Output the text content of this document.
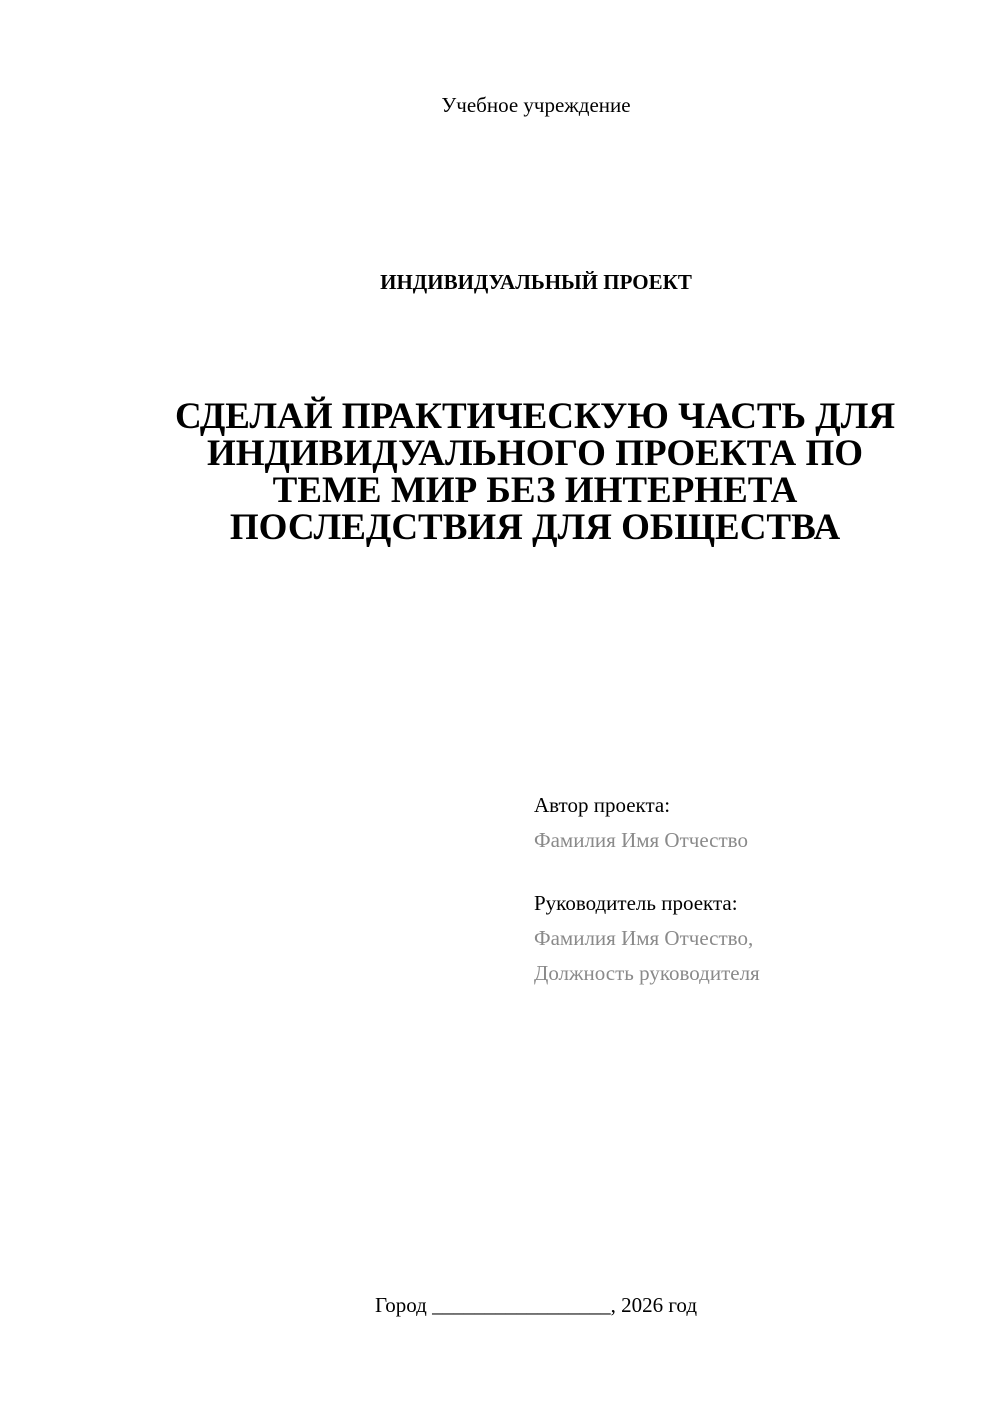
Учебное учреждение
ИНДИВИДУАЛЬНЫЙ ПРОЕКТ
СДЕЛАЙ ПРАКТИЧЕСКУЮ ЧАСТЬ ДЛЯ
ИНДИВИДУАЛЬНОГО ПРОЕКТА ПО
ТЕМЕ МИР БЕЗ ИНТЕРНЕТА
ПОСЛЕДСТВИЯ ДЛЯ ОБЩЕСТВА
Автор проекта:
Фамилия Имя Отчество
Руководитель проекта:
Фамилия Имя Отчество,
Должность руководителя
Город _________________, 2026 год
